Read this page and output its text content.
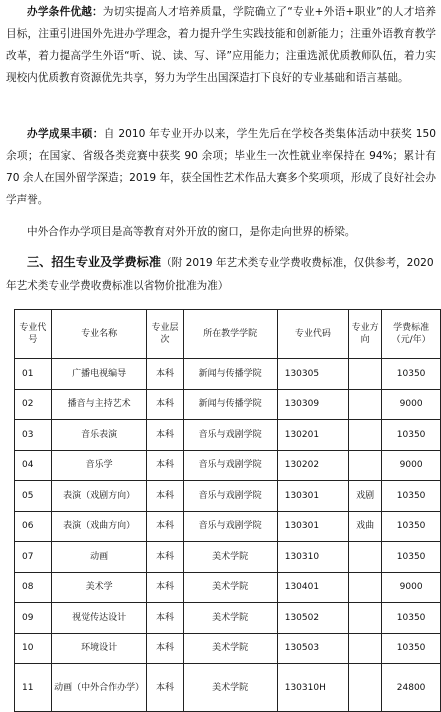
办学条件优越：为切实提高人才培养质量，学院确立了“专业+外语+职业”的人才培养目标，注重引进国外先进办学理念，着力提升学生实践技能和创新能力；注重外语教育教学改革，着力提高学生外语“听、说、读、写、译”应用能力；注重选派优质教师队伍，着力实现校内优质教育资源优先共享，努力为学生出国深造打下良好的专业基础和语言基础。

办学成果丰硕：自 2010 年专业开办以来，学生先后在学校各类集体活动中获奖 150 余项；在国家、省级各类竞赛中获奖 90 余项；毕业生一次性就业率保持在 94%；累计有 70 余人在国外留学深造；2019 年，获全国性艺术作品大赛多个奖项项，形成了良好社会办学声誉。

中外合作办学项目是高等教育对外开放的窗口，是你走向世界的桥梁。

三、招生专业及学费标准（附 2019 年艺术类专业学费收费标准，仅供参考，2020 年艺术类专业学费收费标准以省物价批准为准）

专业代号	专业名称	专业层次	所在教学学院	专业代码	专业方向	学费标准（元/年）
01	广播电视编导	本科	新闻与传播学院	130305		10350
02	播音与主持艺术	本科	新闻与传播学院	130309		9000
03	音乐表演	本科	音乐与戏剧学院	130201		10350
04	音乐学	本科	音乐与戏剧学院	130202		9000
05	表演（戏剧方向）	本科	音乐与戏剧学院	130301	戏剧	10350
06	表演（戏曲方向）	本科	音乐与戏剧学院	130301	戏曲	10350
07	动画	本科	美术学院	130310		10350
08	美术学	本科	美术学院	130401		9000
09	视觉传达设计	本科	美术学院	130502		10350
10	环境设计	本科	美术学院	130503		10350
11	动画（中外合作办学）	本科	美术学院	130310H		24800
